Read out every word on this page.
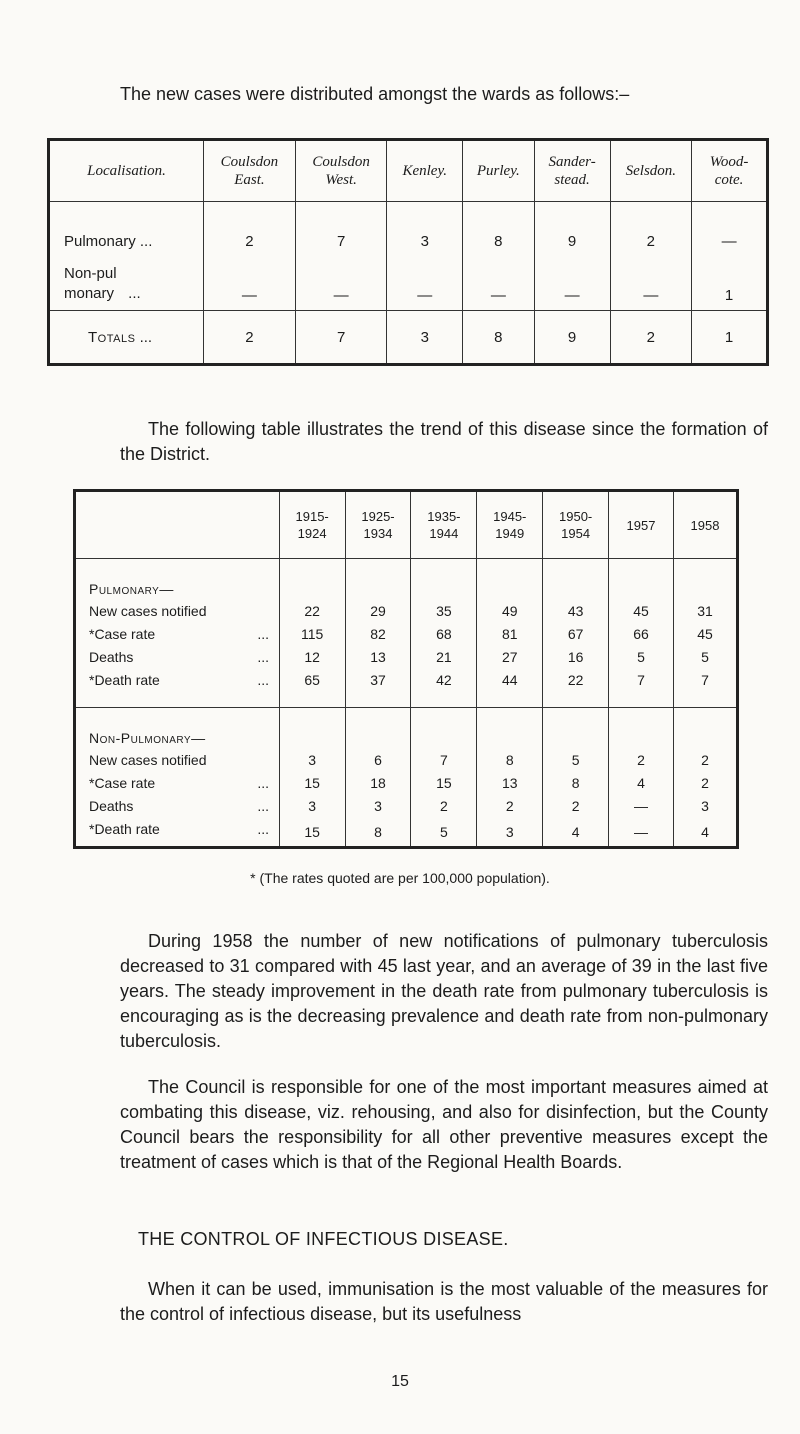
The new cases were distributed amongst the wards as follows:–
Localisation.	Coulsdon East.	Coulsdon West.	Kenley.	Purley.	Sander-stead.	Selsdon.	Wood-cote.
Pulmonary ...	2	7	3	8	9	2	—
Non-pulmonary ...	—	—	—	—	—	—	1
Totals ...	2	7	3	8	9	2	1
The following table illustrates the trend of this disease since the formation of the District.
	1915-1924	1925-1934	1935-1944	1945-1949	1950-1954	1957	1958
Pulmonary—							
New cases notified	22	29	35	49	43	45	31

*Case rate ...	115	82	68	81	67	66	45

Deaths ...	12	13	21	27	16	5	5

*Death rate ...	65	37	42	44	22	7	7
Non-Pulmonary—							
New cases notified	3	6	7	8	5	2	2

*Case rate ...	15	18	15	13	8	4	2

Deaths ...	3	3	2	2	2	—	3

*Death rate ...	15	8	5	3	4	—	4
* (The rates quoted are per 100,000 population).
During 1958 the number of new notifications of pulmonary tuberculosis decreased to 31 compared with 45 last year, and an average of 39 in the last five years. The steady improvement in the death rate from pulmonary tuberculosis is encouraging as is the decreasing prevalence and death rate from non-pulmonary tuberculosis.
The Council is responsible for one of the most important measures aimed at combating this disease, viz. rehousing, and also for disinfection, but the County Council bears the responsibility for all other preventive measures except the treatment of cases which is that of the Regional Health Boards.
THE CONTROL OF INFECTIOUS DISEASE.
When it can be used, immunisation is the most valuable of the measures for the control of infectious disease, but its usefulness
15
